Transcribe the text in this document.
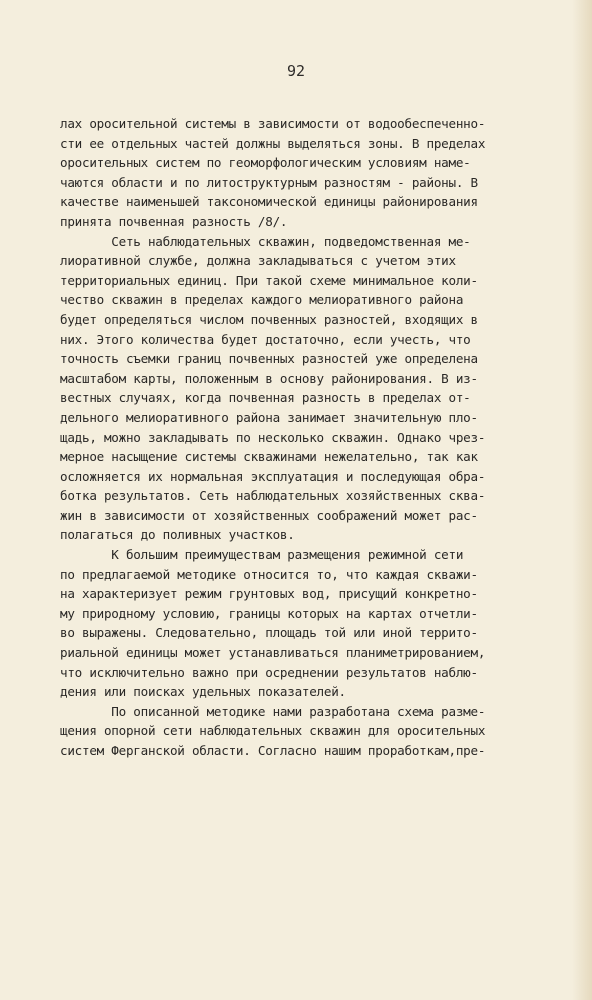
92
лах оросительной системы в зависимости от водообеспеченно-
сти ее отдельных частей должны выделяться зоны. В пределах
оросительных систем по геоморфологическим условиям наме-
чаются области и по литоструктурным разностям - районы. В
качестве наименьшей таксономической единицы районирования
принята почвенная разность /8/.
Сеть наблюдательных скважин, подведомственная ме-
лиоративной службе, должна закладываться с учетом этих
территориальных единиц. При такой схеме минимальное коли-
чество скважин в пределах каждого мелиоративного района
будет определяться числом почвенных разностей, входящих в
них. Этого количества будет достаточно, если учесть, что
точность съемки границ почвенных разностей уже определена
масштабом карты, положенным в основу районирования. В из-
вестных случаях, когда почвенная разность в пределах от-
дельного мелиоративного района занимает значительную пло-
щадь, можно закладывать по несколько скважин. Однако чрез-
мерное насыщение системы скважинами нежелательно, так как
осложняется их нормальная эксплуатация и последующая обра-
ботка результатов. Сеть наблюдательных хозяйственных сква-
жин в зависимости от хозяйственных соображений может рас-
полагаться до поливных участков.
К большим преимуществам размещения режимной сети
по предлагаемой методике относится то, что каждая скважи-
на характеризует режим грунтовых вод, присущий конкретно-
му природному условию, границы которых на картах отчетли-
во выражены. Следовательно, площадь той или иной террито-
риальной единицы может устанавливаться планиметрированием,
что исключительно важно при осреднении результатов наблю-
дения или поисках удельных показателей.
По описанной методике нами разработана схема разме-
щения опорной сети наблюдательных скважин для оросительных
систем Ферганской области. Согласно нашим проработкам,пре-
